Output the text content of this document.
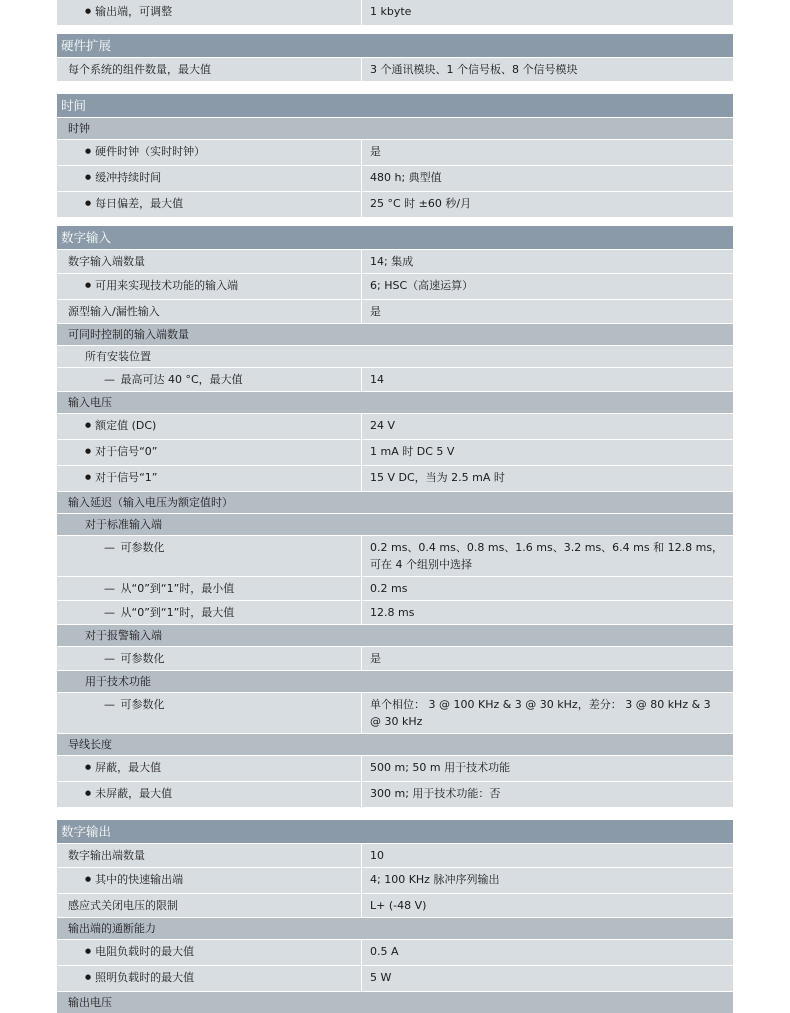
● 输出端，可调整	1 kbyte
硬件扩展
每个系统的组件数量，最大值	3 个通讯模块、1 个信号板、8 个信号模块
时间
时钟
● 硬件时钟（实时时钟）	是
● 缓冲持续时间	480 h; 典型值
● 每日偏差，最大值	25 °C 时 ±60 秒/月
数字输入
数字输入端数量	14; 集成
● 可用来实现技术功能的输入端	6; HSC（高速运算）
源型输入/漏性输入	是
可同时控制的输入端数量
所有安装位置
— 最高可达 40 °C，最大值	14
输入电压
● 额定值 (DC)	24 V
● 对于信号“0”	1 mA 时 DC 5 V
● 对于信号“1”	15 V DC，当为 2.5 mA 时
输入延迟（输入电压为额定值时）
对于标准输入端
— 可参数化	0.2 ms、0.4 ms、0.8 ms、1.6 ms、3.2 ms、6.4 ms 和 12.8 ms，可在 4 个组别中选择
— 从“0”到“1”时，最小值	0.2 ms
— 从“0”到“1”时，最大值	12.8 ms
对于报警输入端
— 可参数化	是
用于技术功能
— 可参数化	单个相位： 3 @ 100 KHz & 3 @ 30 kHz，差分： 3 @ 80 kHz & 3 @ 30 kHz
导线长度
● 屏蔽，最大值	500 m; 50 m 用于技术功能
● 未屏蔽，最大值	300 m; 用于技术功能：否
数字输出
数字输出端数量	10
● 其中的快速输出端	4; 100 KHz 脉冲序列输出
感应式关闭电压的限制	L+ (-48 V)
输出端的通断能力
● 电阻负载时的最大值	0.5 A
● 照明负载时的最大值	5 W
输出电压
